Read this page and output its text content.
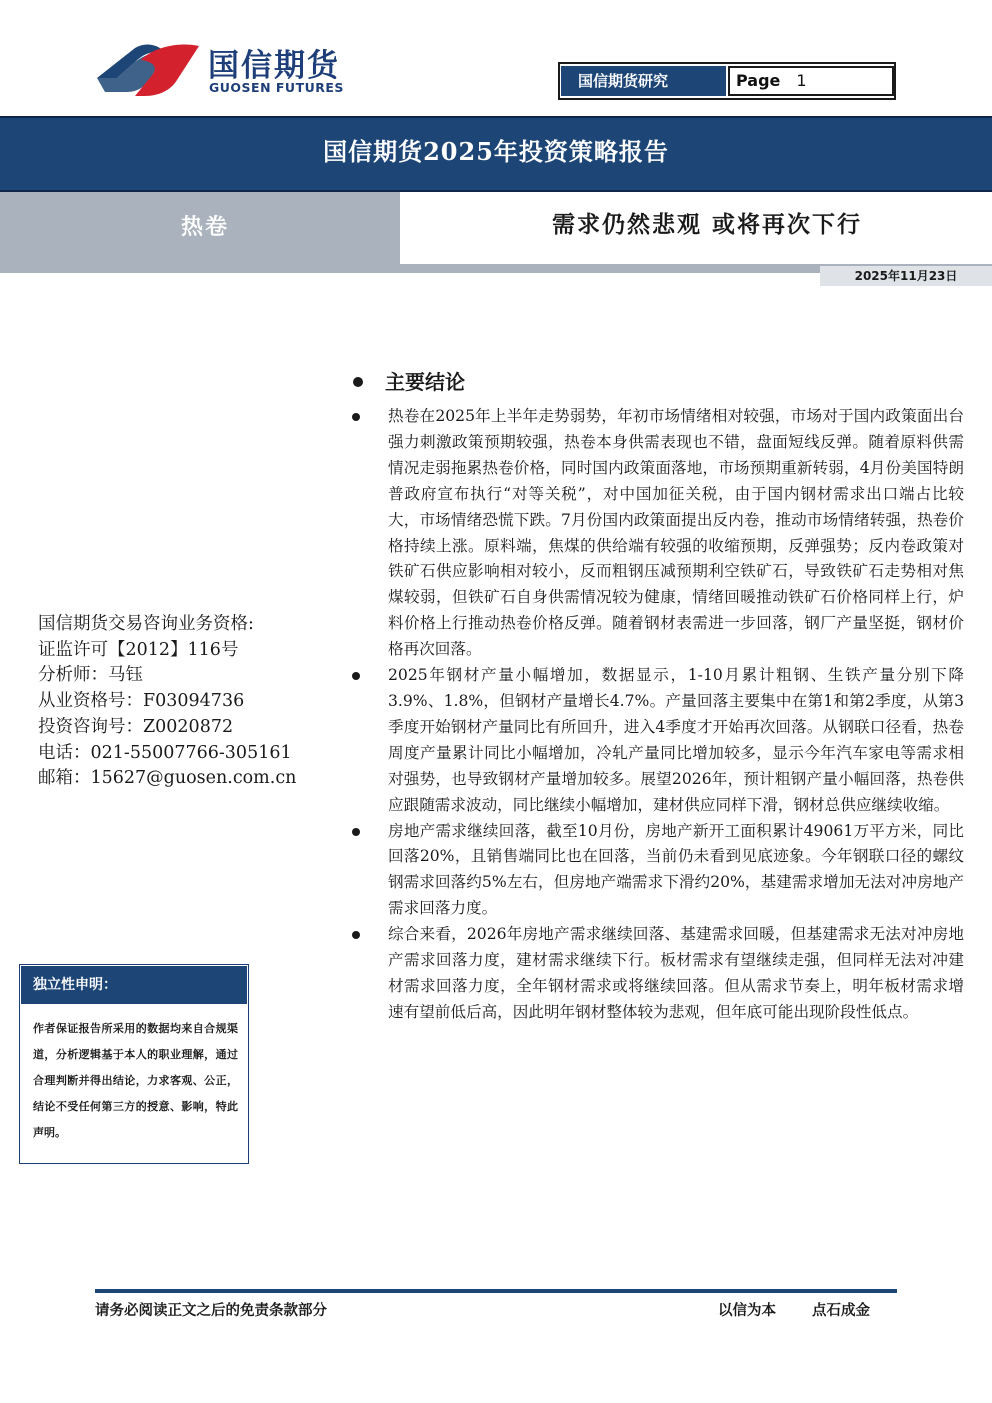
国信期货
GUOSEN FUTURES	国信期货研究	Page 1
国信期货2025年投资策略报告
热卷	需求仍然悲观 或将再次下行
2025年11月23日
主要结论

热卷在2025年上半年走势弱势，年初市场情绪相对较强，市场对于国内政策面出台强力刺激政策预期较强，热卷本身供需表现也不错，盘面短线反弹。随着原料供需情况走弱拖累热卷价格，同时国内政策面落地，市场预期重新转弱，4月份美国特朗普政府宣布执行“对等关税”，对中国加征关税，由于国内钢材需求出口端占比较大，市场情绪恐慌下跌。7月份国内政策面提出反内卷，推动市场情绪转强，热卷价格持续上涨。原料端，焦煤的供给端有较强的收缩预期，反弹强势；反内卷政策对铁矿石供应影响相对较小，反而粗钢压减预期利空铁矿石，导致铁矿石走势相对焦煤较弱，但铁矿石自身供需情况较为健康，情绪回暖推动铁矿石价格同样上行，炉料价格上行推动热卷价格反弹。随着钢材表需进一步回落，钢厂产量坚挺，钢材价格再次回落。

2025年钢材产量小幅增加，数据显示，1-10月累计粗钢、生铁产量分别下降3.9%、1.8%，但钢材产量增长4.7%。产量回落主要集中在第1和第2季度，从第3季度开始钢材产量同比有所回升，进入4季度才开始再次回落。从钢联口径看，热卷周度产量累计同比小幅增加，冷轧产量同比增加较多，显示今年汽车家电等需求相对强势，也导致钢材产量增加较多。展望2026年，预计粗钢产量小幅回落，热卷供应跟随需求波动，同比继续小幅增加，建材供应同样下滑，钢材总供应继续收缩。

房地产需求继续回落，截至10月份，房地产新开工面积累计49061万平方米，同比回落20%，且销售端同比也在回落，当前仍未看到见底迹象。今年钢联口径的螺纹钢需求回落约5%左右，但房地产端需求下滑约20%，基建需求增加无法对冲房地产需求回落力度。

综合来看，2026年房地产需求继续回落、基建需求回暖，但基建需求无法对冲房地产需求回落力度，建材需求继续下行。板材需求有望继续走强，但同样无法对冲建材需求回落力度，全年钢材需求或将继续回落。但从需求节奏上，明年板材需求增速有望前低后高，因此明年钢材整体较为悲观，但年底可能出现阶段性低点。

国信期货交易咨询业务资格:
证监许可【2012】116号
分析师：马钰
从业资格号：F03094736
投资咨询号：Z0020872
电话：021-55007766-305161
邮箱：15627@guosen.com.cn
独立性申明：
作者保证报告所采用的数据均来自合规渠道，分析逻辑基于本人的职业理解，通过合理判断并得出结论，力求客观、公正，结论不受任何第三方的授意、影响，特此声明。
请务必阅读正文之后的免责条款部分	以信为本 点石成金
